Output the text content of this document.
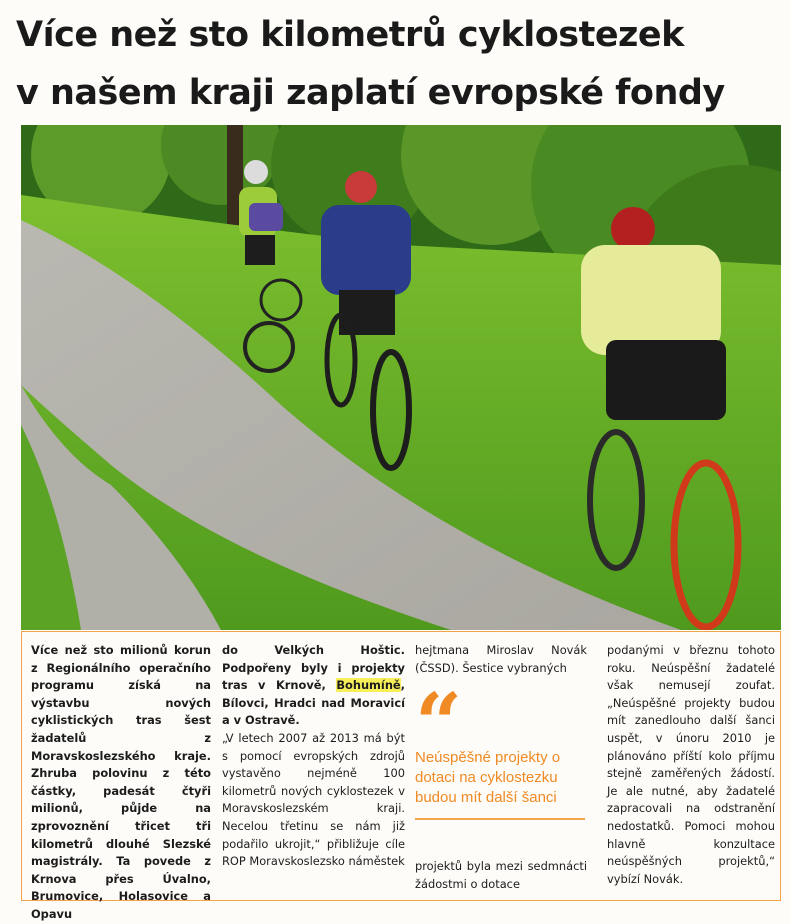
Více než sto kilometrů cyklostezek
v našem kraji zaplatí evropské fondy
Více než sto milionů korun z Regionálního operačního programu získá na výstavbu nových cyklistických tras šest žadatelů z Moravskoslezského kraje. Zhruba polovinu z této částky, padesát čtyři milionů, půjde na zprovoznění třicet tři kilometrů dlouhé Slezské magistrály. Ta povede z Krnova přes Úvalno, Brumovice, Holasovice a Opavu
do Velkých Hoštic. Podpořeny byly i projekty tras v Krnově, Bohumíně, Bílovci, Hradci nad Moravicí a v Ostravě.
„V letech 2007 až 2013 má být s pomocí evropských zdrojů vystavěno nejméně 100 kilometrů nových cyklostezek v Moravskoslezském kraji. Necelou třetinu se nám již podařilo ukrojit,“ přibližuje cíle ROP Moravskoslezsko náměstek
hejtmana Miroslav Novák (ČSSD). Šestice vybraných
“
Neúspěšné projekty o dotaci na cyklostezku budou mít další šanci
projektů byla mezi sedmnácti žádostmi o dotace
podanými v březnu tohoto roku. Neúspěšní žadatelé však nemusejí zoufat. „Neúspěšné projekty budou mít zanedlouho další šanci uspět, v únoru 2010 je plánováno příští kolo příjmu stejně zaměřených žádostí. Je ale nutné, aby žadatelé zapracovali na odstranění nedostatků. Pomoci mohou hlavně konzultace neúspěšných projektů,“ vybízí Novák.
